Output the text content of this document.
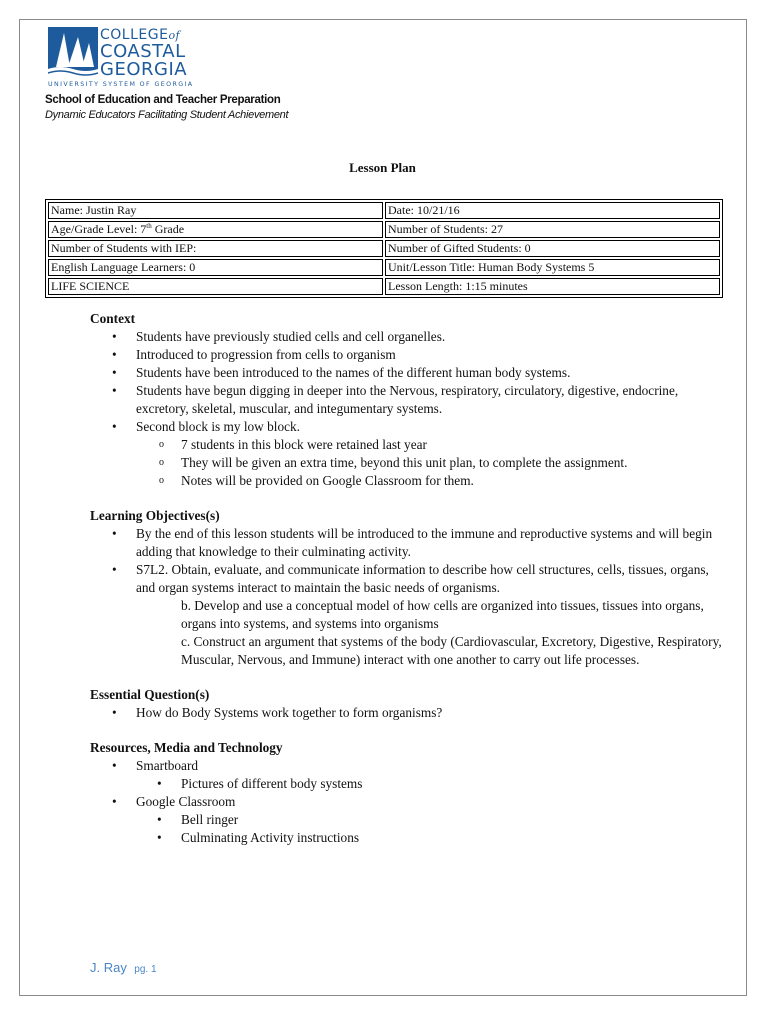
COLLEGEof
COASTAL
GEORGIA
UNIVERSITY SYSTEM OF GEORGIA
School of Education and Teacher Preparation
Dynamic Educators Facilitating Student Achievement
Lesson Plan
Name: Justin Ray	Date: 10/21/16
Age/Grade Level: 7th Grade	Number of Students: 27
Number of Students with IEP:	Number of Gifted Students: 0
English Language Learners: 0	Unit/Lesson Title: Human Body Systems 5
LIFE SCIENCE	Lesson Length: 1:15 minutes
Context
• Students have previously studied cells and cell organelles.
• Introduced to progression from cells to organism
• Students have been introduced to the names of the different human body systems.
• Students have begun digging in deeper into the Nervous, respiratory, circulatory, digestive, endocrine, excretory, skeletal, muscular, and integumentary systems.
• Second block is my low block.
o 7 students in this block were retained last year
o They will be given an extra time, beyond this unit plan, to complete the assignment.
o Notes will be provided on Google Classroom for them.
Learning Objectives(s)
• By the end of this lesson students will be introduced to the immune and reproductive systems and will begin adding that knowledge to their culminating activity.
• S7L2. Obtain, evaluate, and communicate information to describe how cell structures, cells, tissues, organs, and organ systems interact to maintain the basic needs of organisms.
b. Develop and use a conceptual model of how cells are organized into tissues, tissues into organs, organs into systems, and systems into organisms
c. Construct an argument that systems of the body (Cardiovascular, Excretory, Digestive, Respiratory, Muscular, Nervous, and Immune) interact with one another to carry out life processes.
Essential Question(s)
• How do Body Systems work together to form organisms?
Resources, Media and Technology
• Smartboard
• Pictures of different body systems
• Google Classroom
• Bell ringer
• Culminating Activity instructions
J. Ray pg. 1
